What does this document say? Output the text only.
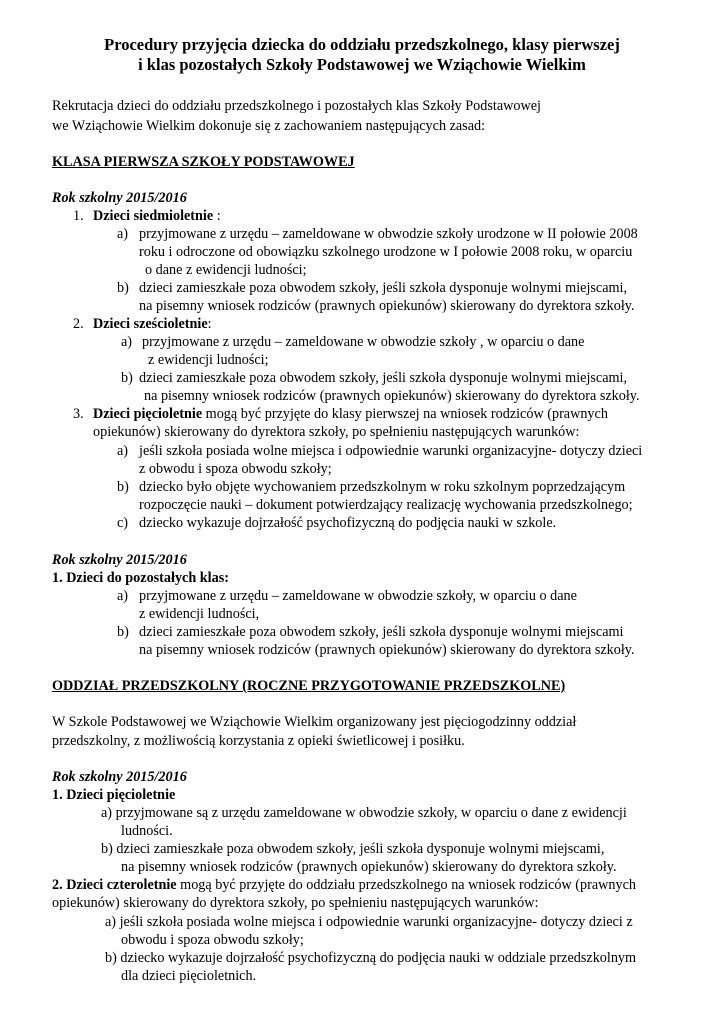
Procedury przyjęcia dziecka do oddziału przedszkolnego, klasy pierwszej
i klas pozostałych Szkoły Podstawowej we Wziąchowie Wielkim
Rekrutacja dzieci do oddziału przedszkolnego i pozostałych klas Szkoły Podstawowej
we Wziąchowie Wielkim dokonuje się z zachowaniem następujących zasad:
KLASA PIERWSZA SZKOŁY PODSTAWOWEJ
Rok szkolny 2015/2016
1. Dzieci siedmioletnie :
a) przyjmowane z urzędu – zameldowane w obwodzie szkoły urodzone w II połowie 2008
roku i odroczone od obowiązku szkolnego urodzone w I połowie 2008 roku, w oparciu
o dane z ewidencji ludności;
b) dzieci zamieszkałe poza obwodem szkoły, jeśli szkoła dysponuje wolnymi miejscami,
na pisemny wniosek rodziców (prawnych opiekunów) skierowany do dyrektora szkoły.
2. Dzieci sześcioletnie:
a) przyjmowane z urzędu – zameldowane w obwodzie szkoły , w oparciu o dane
z ewidencji ludności;
b) dzieci zamieszkałe poza obwodem szkoły, jeśli szkoła dysponuje wolnymi miejscami,
na pisemny wniosek rodziców (prawnych opiekunów) skierowany do dyrektora szkoły.
3. Dzieci pięcioletnie mogą być przyjęte do klasy pierwszej na wniosek rodziców (prawnych
opiekunów) skierowany do dyrektora szkoły, po spełnieniu następujących warunków:
a) jeśli szkoła posiada wolne miejsca i odpowiednie warunki organizacyjne- dotyczy dzieci
z obwodu i spoza obwodu szkoły;
b) dziecko było objęte wychowaniem przedszkolnym w roku szkolnym poprzedzającym
rozpoczęcie nauki – dokument potwierdzający realizację wychowania przedszkolnego;
c) dziecko wykazuje dojrzałość psychofizyczną do podjęcia nauki w szkole.
Rok szkolny 2015/2016
1. Dzieci do pozostałych klas:
a) przyjmowane z urzędu – zameldowane w obwodzie szkoły, w oparciu o dane
z ewidencji ludności,
b) dzieci zamieszkałe poza obwodem szkoły, jeśli szkoła dysponuje wolnymi miejscami
na pisemny wniosek rodziców (prawnych opiekunów) skierowany do dyrektora szkoły.
ODDZIAŁ PRZEDSZKOLNY (ROCZNE PRZYGOTOWANIE PRZEDSZKOLNE)
W Szkole Podstawowej we Wziąchowie Wielkim organizowany jest pięciogodzinny oddział
przedszkolny, z możliwością korzystania z opieki świetlicowej i posiłku.
Rok szkolny 2015/2016
1. Dzieci pięcioletnie
a) przyjmowane są z urzędu zameldowane w obwodzie szkoły, w oparciu o dane z ewidencji
ludności.
b) dzieci zamieszkałe poza obwodem szkoły, jeśli szkoła dysponuje wolnymi miejscami,
na pisemny wniosek rodziców (prawnych opiekunów) skierowany do dyrektora szkoły.
2. Dzieci czteroletnie mogą być przyjęte do oddziału przedszkolnego na wniosek rodziców (prawnych
opiekunów) skierowany do dyrektora szkoły, po spełnieniu następujących warunków:
a) jeśli szkoła posiada wolne miejsca i odpowiednie warunki organizacyjne- dotyczy dzieci z
obwodu i spoza obwodu szkoły;
b) dziecko wykazuje dojrzałość psychofizyczną do podjęcia nauki w oddziale przedszkolnym
dla dzieci pięcioletnich.
